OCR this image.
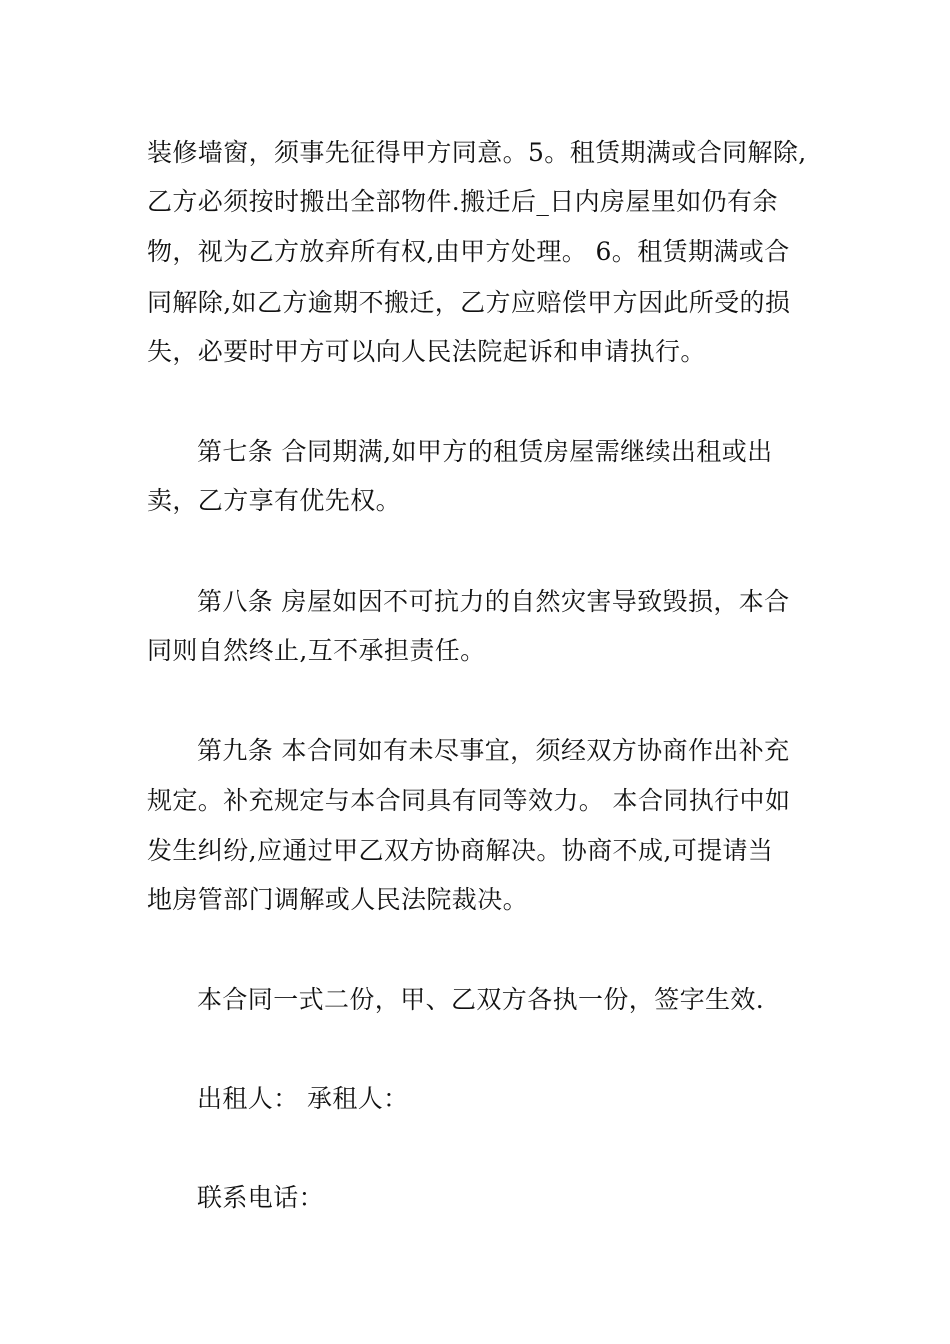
装修墙窗，须事先征得甲方同意。5。租赁期满或合同解除,
乙方必须按时搬出全部物件.搬迁后_日内房屋里如仍有余
物，视为乙方放弃所有权,由甲方处理。 6。租赁期满或合
同解除,如乙方逾期不搬迁，乙方应赔偿甲方因此所受的损
失，必要时甲方可以向人民法院起诉和申请执行。
第七条 合同期满,如甲方的租赁房屋需继续出租或出
卖，乙方享有优先权。
第八条 房屋如因不可抗力的自然灾害导致毁损，本合
同则自然终止,互不承担责任。
第九条 本合同如有未尽事宜，须经双方协商作出补充
规定。补充规定与本合同具有同等效力。 本合同执行中如
发生纠纷,应通过甲乙双方协商解决。协商不成,可提请当
地房管部门调解或人民法院裁决。
本合同一式二份，甲、乙双方各执一份，签字生效.
出租人： 承租人：
联系电话：
